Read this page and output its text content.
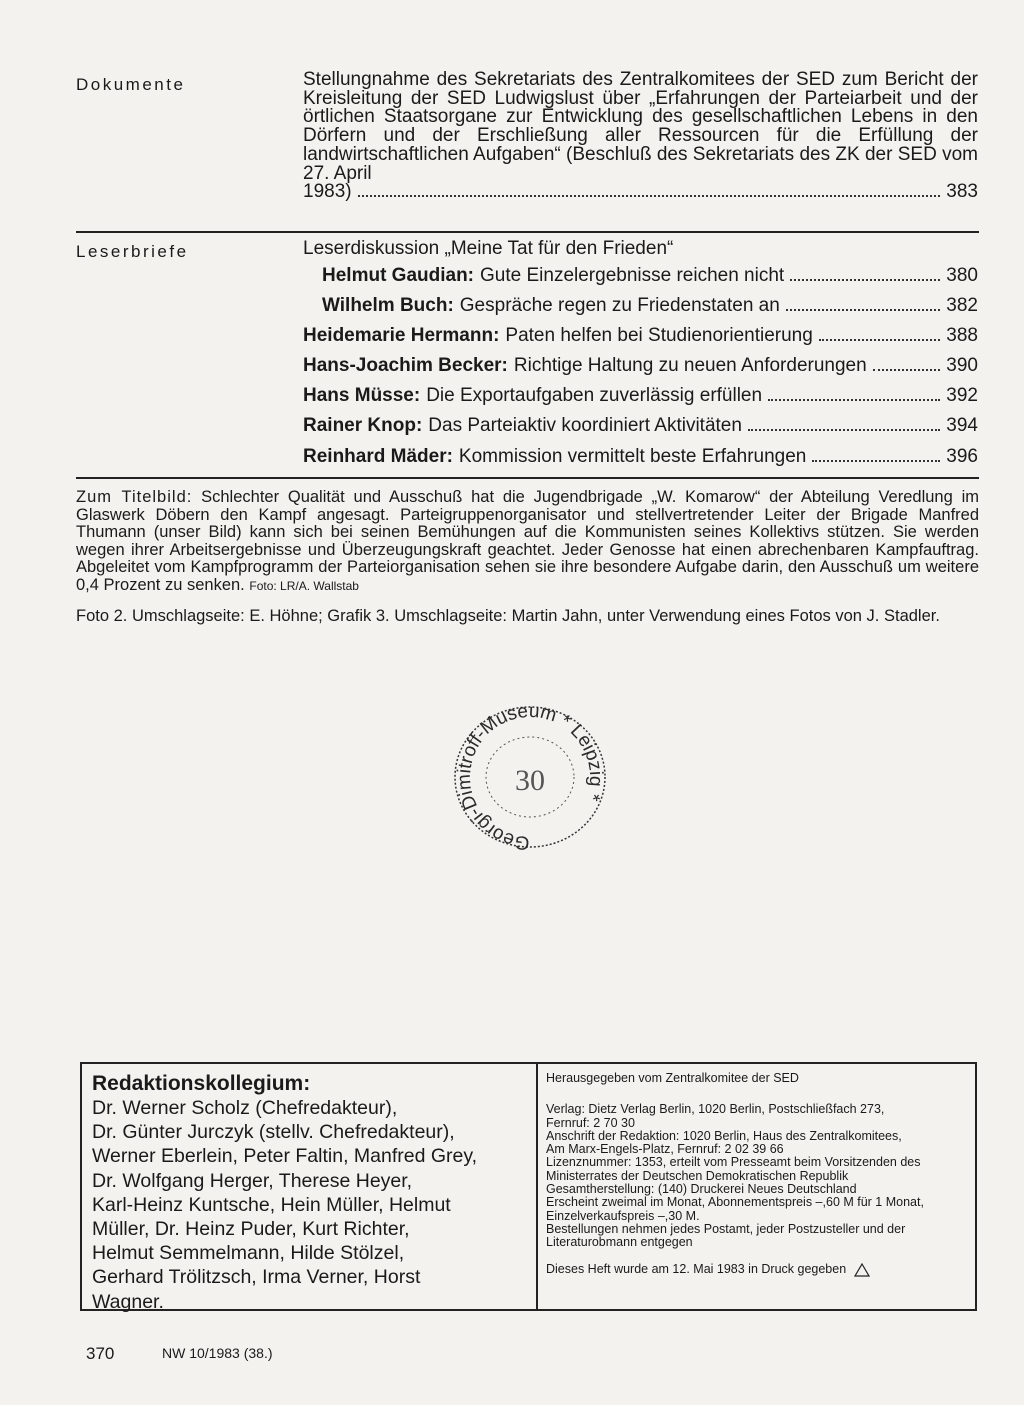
Dokumente	Stellungnahme des Sekretariats des Zentralkomitees der SED zum Bericht der Kreisleitung der SED Ludwigslust über „Erfahrungen der Parteiarbeit und der örtlichen Staatsorgane zur Entwicklung des gesellschaftlichen Lebens in den Dörfern und der Erschließung aller Ressourcen für die Erfüllung der landwirtschaftlichen Aufgaben“ (Beschluß des Sekretariats des ZK der SED vom 27. April
1983)	383
Leserbriefe	Leserdiskussion „Meine Tat für den Frieden“
Helmut Gaudian: Gute Einzelergebnisse reichen nicht	380
Wilhelm Buch: Gespräche regen zu Friedenstaten an	382
Heidemarie Hermann: Paten helfen bei Studienorientierung	388
Hans-Joachim Becker: Richtige Haltung zu neuen Anforderungen	390
Hans Müsse: Die Exportaufgaben zuverlässig erfüllen	392
Rainer Knop: Das Parteiaktiv koordiniert Aktivitäten	394
Reinhard Mäder: Kommission vermittelt beste Erfahrungen	396
Zum Titelbild: Schlechter Qualität und Ausschuß hat die Jugendbrigade „W. Komarow“ der Abteilung Veredlung im Glaswerk Döbern den Kampf angesagt. Parteigruppenorganisator und stellvertretender Leiter der Brigade Manfred Thumann (unser Bild) kann sich bei seinen Bemühungen auf die Kommunisten seines Kollektivs stützen. Sie werden wegen ihrer Arbeitsergebnisse und Überzeugungskraft geachtet. Jeder Genosse hat einen abrechenbaren Kampfauftrag. Abgeleitet vom Kampfprogramm der Parteiorganisation sehen sie ihre besondere Aufgabe darin, den Ausschuß um weitere 0,4 Prozent zu senken. Foto: LR/A. Wallstab
Foto 2. Umschlagseite: E. Höhne; Grafik 3. Umschlagseite: Martin Jahn, unter Verwendung eines Fotos von J. Stadler.
Georgi-Dimitroff-Museum * Leipzig *
30
Redaktionskollegium:
Dr. Werner Scholz (Chefredakteur),
Dr. Günter Jurczyk (stellv. Chefredakteur),
Werner Eberlein, Peter Faltin, Manfred Grey,
Dr. Wolfgang Herger, Therese Heyer,
Karl-Heinz Kuntsche, Hein Müller, Helmut
Müller, Dr. Heinz Puder, Kurt Richter,
Helmut Semmelmann, Hilde Stölzel,
Gerhard Trölitzsch, Irma Verner, Horst
Wagner.
Herausgegeben vom Zentralkomitee der SED
Verlag: Dietz Verlag Berlin, 1020 Berlin, Postschließfach 273,
Fernruf: 2 70 30
Anschrift der Redaktion: 1020 Berlin, Haus des Zentralkomitees,
Am Marx-Engels-Platz, Fernruf: 2 02 39 66
Lizenznummer: 1353, erteilt vom Presseamt beim Vorsitzenden des
Ministerrates der Deutschen Demokratischen Republik
Gesamtherstellung: (140) Druckerei Neues Deutschland
Erscheint zweimal im Monat, Abonnementspreis –,60 M für 1 Monat,
Einzelverkaufspreis –,30 M.
Bestellungen nehmen jedes Postamt, jeder Postzusteller und der
Literaturobmann entgegen
Dieses Heft wurde am 12. Mai 1983 in Druck gegeben
370	NW 10/1983 (38.)
